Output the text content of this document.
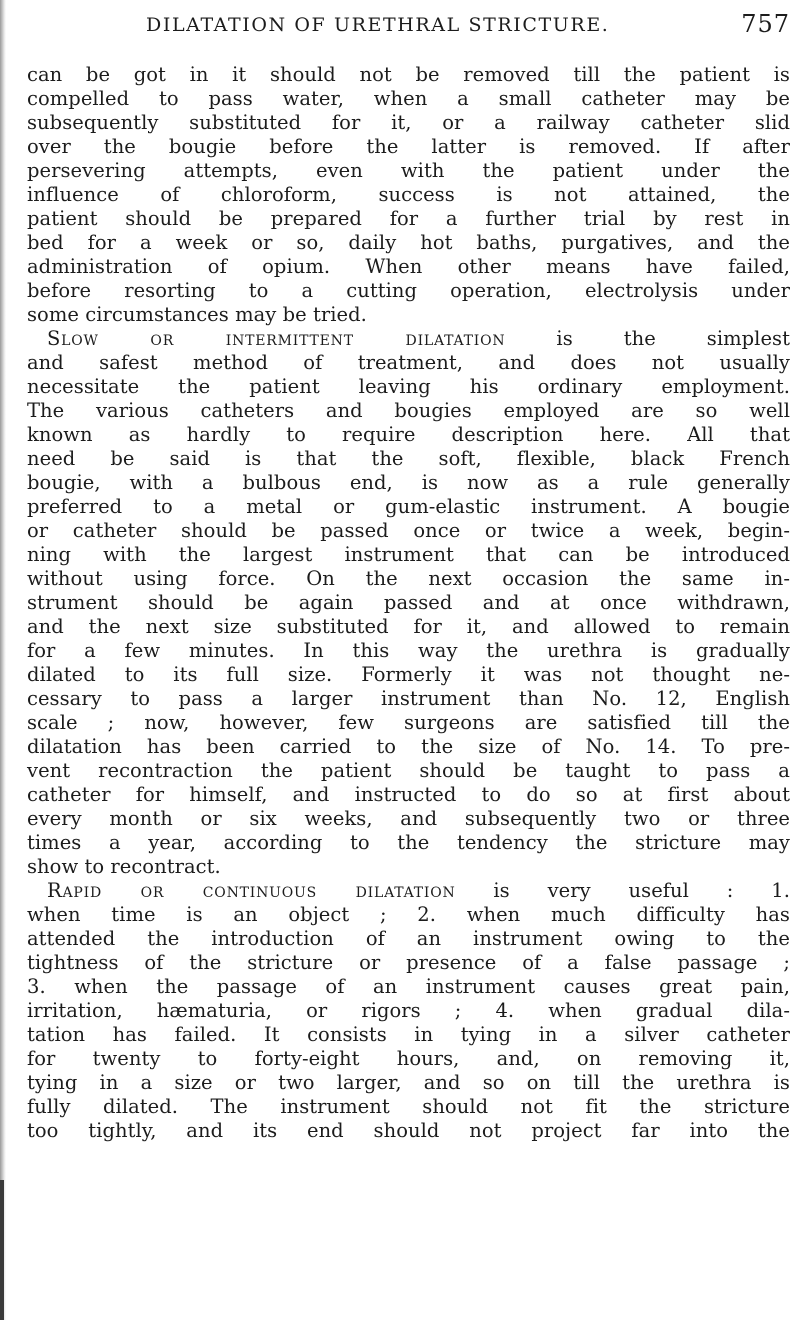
DILATATION OF URETHRAL STRICTURE.	757
can be got in it should not be removed till the patient is
compelled to pass water, when a small catheter may be
subsequently substituted for it, or a railway catheter slid
over the bougie before the latter is removed. If after
persevering attempts, even with the patient under the
influence of chloroform, success is not attained, the
patient should be prepared for a further trial by rest in
bed for a week or so, daily hot baths, purgatives, and the
administration of opium. When other means have failed,
before resorting to a cutting operation, electrolysis under
some circumstances may be tried.
Slow or intermittent dilatation	is the simplest
and safest method of treatment, and does not usually
necessitate the patient leaving his ordinary employment.
The various catheters and bougies employed are so well
known as hardly to require description here. All that
need be said is that the soft, flexible, black French
bougie, with a bulbous end, is now as a rule generally
preferred to a metal or gum-elastic instrument. A bougie
or catheter should be passed once or twice a week, begin-
ning with the largest instrument that can be introduced
without using force. On the next occasion the same in-
strument should be again passed and at once withdrawn,
and the next size substituted for it, and allowed to remain
for a few minutes. In this way the urethra is gradually
dilated to its full size. Formerly it was not thought ne-
cessary to pass a larger instrument than No. 12, English
scale ; now, however, few surgeons are satisfied till the
dilatation has been carried to the size of No. 14. To pre-
vent recontraction the patient should be taught to pass a
catheter for himself, and instructed to do so at first about
every month or six weeks, and subsequently two or three
times a year, according to the tendency the stricture may
show to recontract.
Rapid or continuous dilatation is very useful : 1.
when time is an object ; 2. when much difficulty has
attended the introduction of an instrument owing to the
tightness of the stricture or presence of a false passage ;
3. when the passage of an instrument causes great pain,
irritation, hæmaturia, or rigors ; 4. when gradual dila-
tation has failed. It consists in tying in a silver catheter
for twenty to forty-eight hours, and, on removing it,
tying in a size or two larger, and so on till the urethra is
fully dilated. The instrument should not fit the stricture
too tightly, and its end should not project far into the
